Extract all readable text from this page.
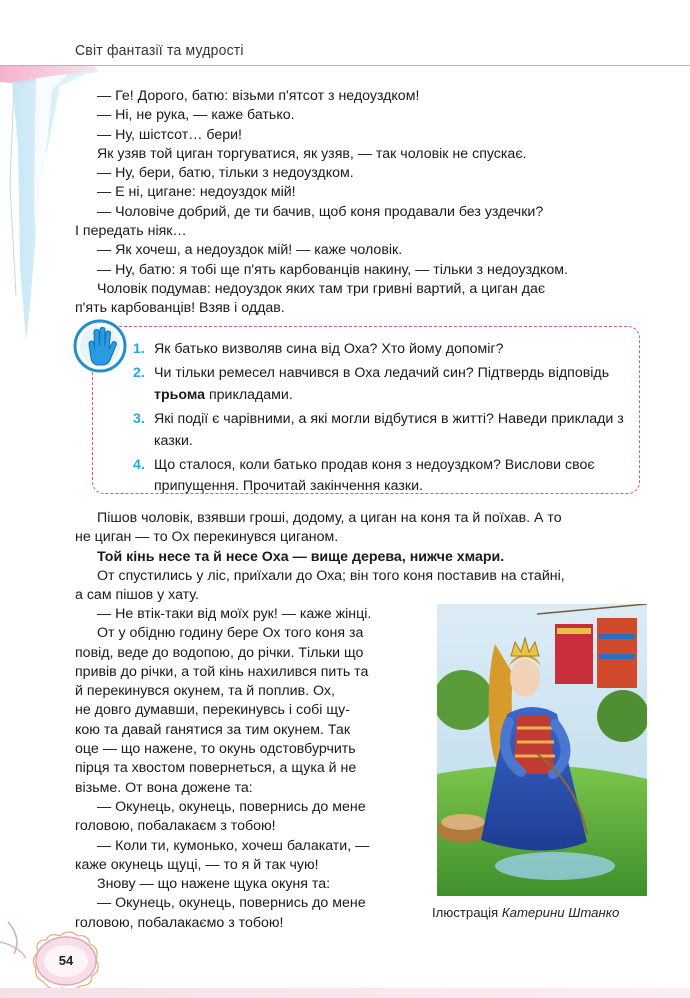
Світ фантазії та мудрості

— Ге! Дорого, батю: візьми п'ятсот з недоуздком!

— Ні, не рука, — каже батько.

— Ну, шістсот… бери!

Як узяв той циган торгуватися, як узяв, — так чоловік не спускає.

— Ну, бери, батю, тільки з недоуздком.

— Е ні, цигане: недоуздок мій!

— Чоловіче добрий, де ти бачив, щоб коня продавали без уздечки?

І передать ніяк…

— Як хочеш, а недоуздок мій! — каже чоловік.

— Ну, батю: я тобі ще п'ять карбованців накину, — тільки з недоуздком.

Чоловік подумав: недоуздок яких там три гривні вартий, а циган дає

п'ять карбованців! Взяв і оддав.

1. Як батько визволяв сина від Оха? Хто йому допоміг?
2. Чи тільки ремесел навчився в Оха ледачий син? Підтвердь відповідь трьома прикладами.
3. Які події є чарівними, а які могли відбутися в житті? Наведи приклади з казки.
4. Що сталося, коли батько продав коня з недоуздком? Вислови своє припущення. Прочитай закінчення казки.

Пішов чоловік, взявши гроші, додому, а циган на коня та й поїхав. А то

не циган — то Ох перекинувся циганом.

Той кінь несе та й несе Оха — вище дерева, нижче хмари.

От спустились у ліс, приїхали до Оха; він того коня поставив на стайні,

а сам пішов у хату.

— Не втік-таки від моїх рук! — каже жінці.

От у обідню годину бере Ох того коня за

повід, веде до водопою, до річки. Тільки що

привів до річки, а той кінь нахилився пить та

й перекинувся окунем, та й поплив. Ох,

не довго думавши, перекинувсь і собі щу-

кою та давай ганятися за тим окунем. Так

оце — що нажене, то окунь одстовбурчить

пірця та хвостом повернеться, а щука й не

візьме. От вона дожене та:

— Окунець, окунець, повернись до мене

головою, побалакаєм з тобою!

— Коли ти, кумонько, хочеш балакати, —

каже окунець щуці, — то я й так чую!

Знову — що нажене щука окуня та:

— Окунець, окунець, повернись до мене

головою, побалакаємо з тобою!

Ілюстрація Катерини Штанко
54
